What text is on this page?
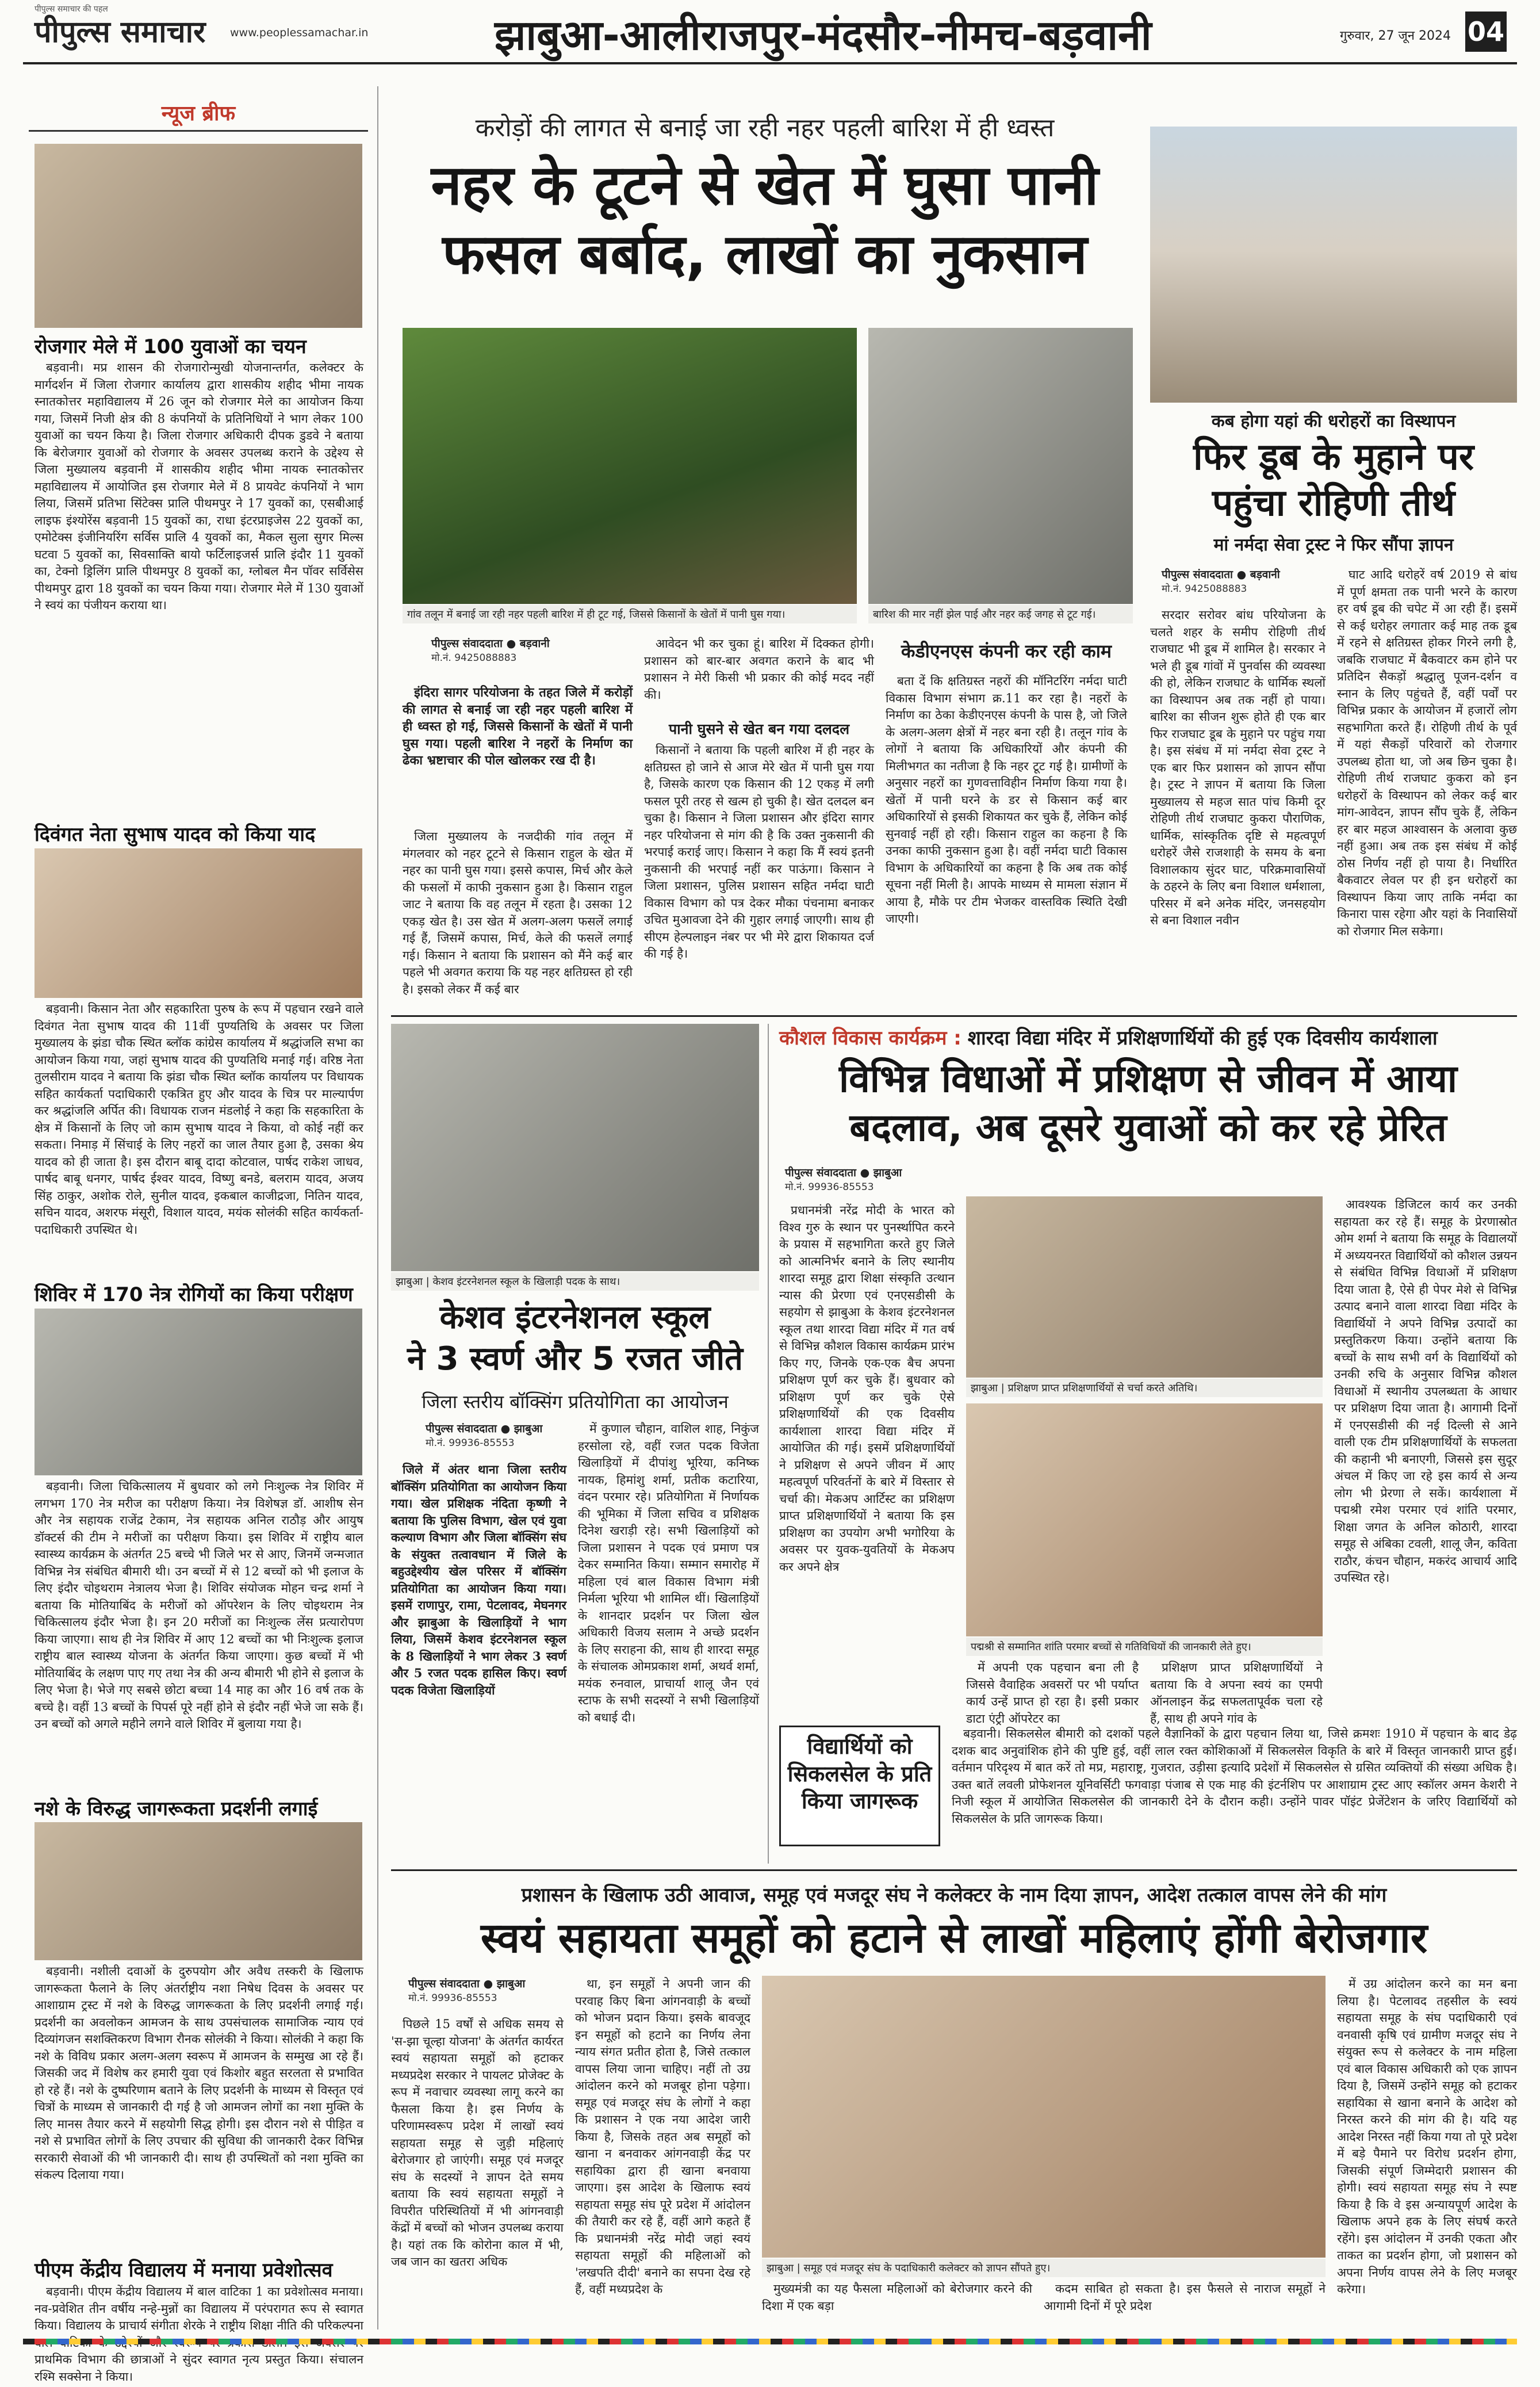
पीपुल्स समाचार
पीपुल्स समाचार की पहल
www.peoplessamachar.in	झाबुआ-आलीराजपुर-मंदसौर-नीमच-बड़वानी	गुरुवार, 27 जून 2024 04
न्यूज ब्रीफ
रोजगार मेले में 100 युवाओं का चयन

बड़वानी। मप्र शासन की रोजगारोन्मुखी योजनान्तर्गत, कलेक्टर के मार्गदर्शन में जिला रोजगार कार्यालय द्वारा शासकीय शहीद भीमा नायक स्नातकोत्तर महाविद्यालय में 26 जून को रोजगार मेले का आयोजन किया गया, जिसमें निजी क्षेत्र की 8 कंपनियों के प्रतिनिधियों ने भाग लेकर 100 युवाओं का चयन किया है। जिला रोजगार अधिकारी दीपक डुडवे ने बताया कि बेरोजगार युवाओं को रोजगार के अवसर उपलब्ध कराने के उद्देश्य से जिला मुख्यालय बड़वानी में शासकीय शहीद भीमा नायक स्नातकोत्तर महाविद्यालय में आयोजित इस रोजगार मेले में 8 प्रायवेट कंपनियों ने भाग लिया, जिसमें प्रतिभा सिंटेक्स प्रालि पीथमपुर ने 17 युवकों का, एसबीआई लाइफ इंश्योरेंस बड़वानी 15 युवकों का, राधा इंटरप्राइजेस 22 युवकों का, एमोटेक्स इंजीनियरिंग सर्विस प्रालि 4 युवकों का, मैकल सुला सुगर मिल्स घटवा 5 युवकों का, सिवसाक्ति बायो फर्टिलाइजर्स प्रालि इंदौर 11 युवकों का, टेक्नो ड्रिलिंग प्रालि पीथमपुर 8 युवकों का, ग्लोबल मैन पॉवर सर्विसेस पीथमपुर द्वारा 18 युवकों का चयन किया गया। रोजगार मेले में 130 युवाओं ने स्वयं का पंजीयन कराया था।

दिवंगत नेता सुभाष यादव को किया याद

बड़वानी। किसान नेता और सहकारिता पुरुष के रूप में पहचान रखने वाले दिवंगत नेता सुभाष यादव की 11वीं पुण्यतिथि के अवसर पर जिला मुख्यालय के झंडा चौक स्थित ब्लॉक कांग्रेस कार्यालय में श्रद्धांजलि सभा का आयोजन किया गया, जहां सुभाष यादव की पुण्यतिथि मनाई गई। वरिष्ठ नेता तुलसीराम यादव ने बताया कि झंडा चौक स्थित ब्लॉक कार्यालय पर विधायक सहित कार्यकर्ता पदाधिकारी एकत्रित हुए और यादव के चित्र पर माल्यार्पण कर श्रद्धांजलि अर्पित की। विधायक राजन मंडलोई ने कहा कि सहकारिता के क्षेत्र में किसानों के लिए जो काम सुभाष यादव ने किया, वो कोई नहीं कर सकता। निमाड़ में सिंचाई के लिए नहरों का जाल तैयार हुआ है, उसका श्रेय यादव को ही जाता है। इस दौरान बाबू दादा कोटवाल, पार्षद राकेश जाधव, पार्षद बाबू धनगर, पार्षद ईश्वर यादव, विष्णु बनडे, बलराम यादव, अजय सिंह ठाकुर, अशोक रोले, सुनील यादव, इकबाल काजीद्रजा, नितिन यादव, सचिन यादव, अशरफ मंसूरी, विशाल यादव, मयंक सोलंकी सहित कार्यकर्ता-पदाधिकारी उपस्थित थे।

शिविर में 170 नेत्र रोगियों का किया परीक्षण

बड़वानी। जिला चिकित्सालय में बुधवार को लगे निःशुल्क नेत्र शिविर में लगभग 170 नेत्र मरीज का परीक्षण किया। नेत्र विशेषज्ञ डॉ. आशीष सेन और नेत्र सहायक राजेंद्र टेकाम, नेत्र सहायक अनिल राठौड़ और आयुष डॉक्टर्स की टीम ने मरीजों का परीक्षण किया। इस शिविर में राष्ट्रीय बाल स्वास्थ्य कार्यक्रम के अंतर्गत 25 बच्चे भी जिले भर से आए, जिनमें जन्मजात विभिन्न नेत्र संबंधित बीमारी थी। उन बच्चों में से 12 बच्चों को भी इलाज के लिए इंदौर चोइथराम नेत्रालय भेजा है। शिविर संयोजक मोहन चन्द्र शर्मा ने बताया कि मोतियाबिंद के मरीजों को ऑपरेशन के लिए चोइथराम नेत्र चिकित्सालय इंदौर भेजा है। इन 20 मरीजों का निःशुल्क लेंस प्रत्यारोपण किया जाएगा। साथ ही नेत्र शिविर में आए 12 बच्चों का भी निःशुल्क इलाज राष्ट्रीय बाल स्वास्थ्य योजना के अंतर्गत किया जाएगा। कुछ बच्चों में भी मोतियाबिंद के लक्षण पाए गए तथा नेत्र की अन्य बीमारी भी होने से इलाज के लिए भेजा है। भेजे गए सबसे छोटा बच्चा 14 माह का और 16 वर्ष तक के बच्चे है। वहीं 13 बच्चों के पिपर्स पूरे नहीं होने से इंदौर नहीं भेजे जा सके हैं। उन बच्चों को अगले महीने लगने वाले शिविर में बुलाया गया है।

नशे के विरुद्ध जागरूकता प्रदर्शनी लगाई

बड़वानी। नशीली दवाओं के दुरुपयोग और अवैध तस्करी के खिलाफ जागरूकता फैलाने के लिए अंतर्राष्ट्रीय नशा निषेध दिवस के अवसर पर आशाग्राम ट्रस्ट में नशे के विरुद्ध जागरूकता के लिए प्रदर्शनी लगाई गई। प्रदर्शनी का अवलोकन आमजन के साथ उपसंचालक सामाजिक न्याय एवं दिव्यांगजन सशक्तिकरण विभाग रौनक सोलंकी ने किया। सोलंकी ने कहा कि नशे के विविध प्रकार अलग-अलग स्वरूप में आमजन के सम्मुख आ रहे हैं। जिसकी जद में विशेष कर हमारी युवा एवं किशोर बहुत सरलता से प्रभावित हो रहे हैं। नशे के दुष्परिणाम बताने के लिए प्रदर्शनी के माध्यम से विस्तृत एवं चित्रों के माध्यम से जानकारी दी गई है जो आमजन लोगों का नशा मुक्ति के लिए मानस तैयार करने में सहयोगी सिद्ध होगी। इस दौरान नशे से पीड़ित व नशे से प्रभावित लोगों के लिए उपचार की सुविधा की जानकारी देकर विभिन्न सरकारी सेवाओं की भी जानकारी दी। साथ ही उपस्थितों को नशा मुक्ति का संकल्प दिलाया गया।

पीएम केंद्रीय विद्यालय में मनाया प्रवेशोत्सव

बड़वानी। पीएम केंद्रीय विद्यालय में बाल वाटिका 1 का प्रवेशोत्सव मनाया। नव-प्रवेशित तीन वर्षीय नन्हे-मुन्नों का विद्यालय में परंपरागत रूप से स्वागत किया। विद्यालय के प्राचार्य संगीता शेरके ने राष्ट्रीय शिक्षा नीति की परिकल्पना प्राथमिक विभाग की छात्राओं ने सुंदर स्वागत नृत्य प्रस्तुत किया। संचालन रश्मि सक्सेना ने किया।

करोड़ों की लागत से बनाई जा रही नहर पहली बारिश में ही ध्वस्त
नहर के टूटने से खेत में घुसा पानी
फसल बर्बाद, लाखों का नुकसान
गांव तलून में बनाई जा रही नहर पहली बारिश में ही टूट गई, जिससे किसानों के खेतों में पानी घुस गया।	बारिश की मार नहीं झेल पाई और नहर कई जगह से टूट गई।
पीपुल्स संवाददाता ● बड़वानी
मो.नं. 9425088883

इंदिरा सागर परियोजना के तहत जिले में करोड़ों की लागत से बनाई जा रही नहर पहली बारिश में ही ध्वस्त हो गई, जिससे किसानों के खेतों में पानी घुस गया। पहली बारिश ने नहरों के निर्माण का ढेका भ्रष्टाचार की पोल खोलकर रख दी है।

जिला मुख्यालय के नजदीकी गांव तलून में मंगलवार को नहर टूटने से किसान राहुल के खेत में नहर का पानी घुस गया। इससे कपास, मिर्च और केले की फसलों में काफी नुकसान हुआ है। किसान राहुल जाट ने बताया कि वह तलून में रहता है। उसका 12 एकड़ खेत है। उस खेत में अलग-अलग फसलें लगाई गई हैं, जिसमें कपास, मिर्च, केले की फसलें लगाई गई। किसान ने बताया कि प्रशासन को मैंने कई बार पहले भी अवगत कराया कि यह नहर क्षतिग्रस्त हो रही है। इसको लेकर मैं कई बार

आवेदन भी कर चुका हूं। बारिश में दिक्कत होगी। प्रशासन को बार-बार अवगत कराने के बाद भी प्रशासन ने मेरी किसी भी प्रकार की कोई मदद नहीं की।

पानी घुसने से खेत बन गया दलदल

किसानों ने बताया कि पहली बारिश में ही नहर के क्षतिग्रस्त हो जाने से आज मेरे खेत में पानी घुस गया है, जिसके कारण एक किसान की 12 एकड़ में लगी फसल पूरी तरह से खत्म हो चुकी है। खेत दलदल बन चुका है। किसान ने जिला प्रशासन और इंदिरा सागर नहर परियोजना से मांग की है कि उक्त नुकसानी की भरपाई कराई जाए। किसान ने कहा कि मैं स्वयं इतनी नुकसानी की भरपाई नहीं कर पाऊंगा। किसान ने जिला प्रशासन, पुलिस प्रशासन सहित नर्मदा घाटी विकास विभाग को पत्र देकर मौका पंचनामा बनाकर उचित मुआवजा देने की गुहार लगाई जाएगी। साथ ही सीएम हेल्पलाइन नंबर पर भी मेरे द्वारा शिकायत दर्ज की गई है।

केडीएनएस कंपनी कर रही काम

बता दें कि क्षतिग्रस्त नहरों की मॉनिटरिंग नर्मदा घाटी विकास विभाग संभाग क्र.11 कर रहा है। नहरों के निर्माण का ठेका केडीएनएस कंपनी के पास है, जो जिले के अलग-अलग क्षेत्रों में नहर बना रही है। तलून गांव के लोगों ने बताया कि अधिकारियों और कंपनी की मिलीभगत का नतीजा है कि नहर टूट गई है। ग्रामीणों के अनुसार नहरों का गुणवत्ताविहीन निर्माण किया गया है। खेतों में पानी घरने के डर से किसान कई बार अधिकारियों से इसकी शिकायत कर चुके हैं, लेकिन कोई सुनवाई नहीं हो रही। किसान राहुल का कहना है कि उनका काफी नुकसान हुआ है। वहीं नर्मदा घाटी विकास विभाग के अधिकारियों का कहना है कि अब तक कोई सूचना नहीं मिली है। आपके माध्यम से मामला संज्ञान में आया है, मौके पर टीम भेजकर वास्तविक स्थिति देखी जाएगी।

कब होगा यहां की धरोहरों का विस्थापन
फिर डूब के मुहाने पर
पहुंचा रोहिणी तीर्थ
मां नर्मदा सेवा ट्रस्ट ने फिर सौंपा ज्ञापन
पीपुल्स संवाददाता ● बड़वानी
मो.नं. 9425088883

सरदार सरोवर बांध परियोजना के चलते शहर के समीप रोहिणी तीर्थ राजघाट भी डूब में शामिल है। सरकार ने भले ही डूब गांवों में पुनर्वास की व्यवस्था की हो, लेकिन राजघाट के धार्मिक स्थलों का विस्थापन अब तक नहीं हो पाया। बारिश का सीजन शुरू होते ही एक बार फिर राजघाट डूब के मुहाने पर पहुंच गया है। इस संबंध में मां नर्मदा सेवा ट्रस्ट ने एक बार फिर प्रशासन को ज्ञापन सौंपा है। ट्रस्ट ने ज्ञापन में बताया कि जिला मुख्यालय से महज सात पांच किमी दूर रोहिणी तीर्थ राजघाट कुकरा पौराणिक, धार्मिक, सांस्कृतिक दृष्टि से महत्वपूर्ण धरोहरें जैसे राजशाही के समय के बना विशालकाय सुंदर घाट, परिक्रमावासियों के ठहरने के लिए बना विशाल धर्मशाला, परिसर में बने अनेक मंदिर, जनसहयोग से बना विशाल नवीन

घाट आदि धरोहरें वर्ष 2019 से बांध में पूर्ण क्षमता तक पानी भरने के कारण हर वर्ष डूब की चपेट में आ रही हैं। इसमें से कई धरोहर लगातार कई माह तक डूब में रहने से क्षतिग्रस्त होकर गिरने लगी है, जबकि राजघाट में बैकवाटर कम होने पर प्रतिदिन सैकड़ों श्रद्धालु पूजन-दर्शन व स्नान के लिए पहुंचते हैं, वहीं पर्वों पर विभिन्न प्रकार के आयोजन में हजारों लोग सहभागिता करते हैं। रोहिणी तीर्थ के पूर्व में यहां सैकड़ों परिवारों को रोजगार उपलब्ध होता था, जो अब छिन चुका है। रोहिणी तीर्थ राजघाट कुकरा को इन धरोहरों के विस्थापन को लेकर कई बार मांग-आवेदन, ज्ञापन सौंप चुके हैं, लेकिन हर बार महज आश्वासन के अलावा कुछ नहीं हुआ। अब तक इस संबंध में कोई ठोस निर्णय नहीं हो पाया है। निर्धारित बैकवाटर लेवल पर ही इन धरोहरों का विस्थापन किया जाए ताकि नर्मदा का किनारा पास रहेगा और यहां के निवासियों को रोजगार मिल सकेगा।

झाबुआ | केशव इंटरनेशनल स्कूल के खिलाड़ी पदक के साथ।
केशव इंटरनेशनल स्कूल
ने 3 स्वर्ण और 5 रजत जीते
जिला स्तरीय बॉक्सिंग प्रतियोगिता का आयोजन
पीपुल्स संवाददाता ● झाबुआ
मो.नं. 99936-85553

जिले में अंतर थाना जिला स्तरीय बॉक्सिंग प्रतियोगिता का आयोजन किया गया। खेल प्रशिक्षक नंदिता कृष्णी ने बताया कि पुलिस विभाग, खेल एवं युवा कल्याण विभाग और जिला बॉक्सिंग संघ के संयुक्त तत्वावधान में जिले के बहुउद्देश्यीय खेल परिसर में बॉक्सिंग प्रतियोगिता का आयोजन किया गया। इसमें राणापुर, रामा, पेटलावद, मेघनगर और झाबुआ के खिलाड़ियों ने भाग लिया, जिसमें केशव इंटरनेशनल स्कूल के 8 खिलाड़ियों ने भाग लेकर 3 स्वर्ण और 5 रजत पदक हासिल किए। स्वर्ण पदक विजेता खिलाड़ियों

में कुणाल चौहान, वाशिल शाह, निकुंज हरसोला रहे, वहीं रजत पदक विजेता खिलाड़ियों में दीपांशु भूरिया, कनिष्क नायक, हिमांशु शर्मा, प्रतीक कटारिया, वंदन परमार रहे। प्रतियोगिता में निर्णायक की भूमिका में जिला सचिव व प्रशिक्षक दिनेश खराड़ी रहे। सभी खिलाड़ियों को जिला प्रशासन ने पदक एवं प्रमाण पत्र देकर सम्मानित किया। सम्मान समारोह में महिला एवं बाल विकास विभाग मंत्री निर्मला भूरिया भी शामिल थीं। खिलाड़ियों के शानदार प्रदर्शन पर जिला खेल अधिकारी विजय सलाम ने अच्छे प्रदर्शन के लिए सराहना की, साथ ही शारदा समूह के संचालक ओमप्रकाश शर्मा, अथर्व शर्मा, मयंक रुनवाल, प्राचार्या शालू जैन एवं स्टाफ के सभी सदस्यों ने सभी खिलाड़ियों को बधाई दी।

कौशल विकास कार्यक्रम : शारदा विद्या मंदिर में प्रशिक्षणार्थियों की हुई एक दिवसीय कार्यशाला
विभिन्न विधाओं में प्रशिक्षण से जीवन में आया
बदलाव, अब दूसरे युवाओं को कर रहे प्रेरित
पीपुल्स संवाददाता ● झाबुआ
मो.नं. 99936-85553

प्रधानमंत्री नरेंद्र मोदी के भारत को विश्व गुरु के स्थान पर पुनर्स्थापित करने के प्रयास में सहभागिता करते हुए जिले को आत्मनिर्भर बनाने के लिए स्थानीय शारदा समूह द्वारा शिक्षा संस्कृति उत्थान न्यास की प्रेरणा एवं एनएसडीसी के सहयोग से झाबुआ के केशव इंटरनेशनल स्कूल तथा शारदा विद्या मंदिर में गत वर्ष से विभिन्न कौशल विकास कार्यक्रम प्रारंभ किए गए, जिनके एक-एक बैच अपना प्रशिक्षण पूर्ण कर चुके हैं। बुधवार को प्रशिक्षण पूर्ण कर चुके ऐसे प्रशिक्षणार्थियों की एक दिवसीय कार्यशाला शारदा विद्या मंदिर में आयोजित की गई। इसमें प्रशिक्षणार्थियों ने प्रशिक्षण से अपने जीवन में आए महत्वपूर्ण परिवर्तनों के बारे में विस्तार से चर्चा की। मेकअप आर्टिस्ट का प्रशिक्षण प्राप्त प्रशिक्षणार्थियों ने बताया कि इस प्रशिक्षण का उपयोग अभी भगोरिया के अवसर पर युवक-युवतियों के मेकअप कर अपने क्षेत्र

झाबुआ | प्रशिक्षण प्राप्त प्रशिक्षणार्थियों से चर्चा करते अतिथि।
पद्मश्री से सम्मानित शांति परमार बच्चों से गतिविधियों की जानकारी लेते हुए।

में अपनी एक पहचान बना ली है जिससे वैवाहिक अवसरों पर भी पर्याप्त कार्य उन्हें प्राप्त हो रहा है। इसी प्रकार डाटा एंट्री ऑपरेटर का

प्रशिक्षण प्राप्त प्रशिक्षणार्थियों ने बताया कि वे अपना स्वयं का एमपी ऑनलाइन केंद्र सफलतापूर्वक चला रहे हैं, साथ ही अपने गांव के

आवश्यक डिजिटल कार्य कर उनकी सहायता कर रहे हैं। समूह के प्रेरणास्रोत ओम शर्मा ने बताया कि समूह के विद्यालयों में अध्ययनरत विद्यार्थियों को कौशल उन्नयन से संबंधित विभिन्न विधाओं में प्रशिक्षण दिया जाता है, ऐसे ही पेपर मेशे से विभिन्न उत्पाद बनाने वाला शारदा विद्या मंदिर के विद्यार्थियों ने अपने विभिन्न उत्पादों का प्रस्तुतिकरण किया। उन्होंने बताया कि बच्चों के साथ सभी वर्ग के विद्यार्थियों को उनकी रुचि के अनुसार विभिन्न कौशल विधाओं में स्थानीय उपलब्धता के आधार पर प्रशिक्षण दिया जाता है। आगामी दिनों में एनएसडीसी की नई दिल्ली से आने वाली एक टीम प्रशिक्षणार्थियों के सफलता की कहानी भी बनाएगी, जिससे इस सुदूर अंचल में किए जा रहे इस कार्य से अन्य लोग भी प्रेरणा ले सकें। कार्यशाला में पद्मश्री रमेश परमार एवं शांति परमार, शिक्षा जगत के अनिल कोठारी, शारदा समूह से अंबिका टवली, शालू जैन, कविता राठौर, कंचन चौहान, मकरंद आचार्य आदि उपस्थित रहे।

विद्यार्थियों को सिकलसेल के प्रति किया जागरूक

बड़वानी। सिकलसेल बीमारी को दशकों पहले वैज्ञानिकों के द्वारा पहचान लिया था, जिसे क्रमशः 1910 में पहचान के बाद डेढ़ दशक बाद अनुवांशिक होने की पुष्टि हुई, वहीं लाल रक्त कोशिकाओं में सिकलसेल विकृति के बारे में विस्तृत जानकारी प्राप्त हुई। वर्तमान परिदृश्य में बात करें तो मप्र, महाराष्ट्र, गुजरात, उड़ीसा इत्यादि प्रदेशों में सिकलसेल से ग्रसित व्यक्तियों की संख्या अधिक है। उक्त बातें लवली प्रोफेशनल यूनिवर्सिटी फगवाड़ा पंजाब से एक माह की इंटर्नशिप पर आशाग्राम ट्रस्ट आए स्कॉलर अमन केशरी ने निजी स्कूल में आयोजित सिकलसेल की जानकारी देने के दौरान कही। उन्होंने पावर पॉइंट प्रेजेंटेशन के जरिए विद्यार्थियों को सिकलसेल के प्रति जागरूक किया।

प्रशासन के खिलाफ उठी आवाज, समूह एवं मजदूर संघ ने कलेक्टर के नाम दिया ज्ञापन, आदेश तत्काल वापस लेने की मांग
स्वयं सहायता समूहों को हटाने से लाखों महिलाएं होंगी बेरोजगार
पीपुल्स संवाददाता ● झाबुआ
मो.नं. 99936-85553

पिछले 15 वर्षों से अधिक समय से 'स-झा चूल्हा योजना' के अंतर्गत कार्यरत स्वयं सहायता समूहों को हटाकर मध्यप्रदेश सरकार ने पायलट प्रोजेक्ट के रूप में नवाचार व्यवस्था लागू करने का फैसला किया है। इस निर्णय के परिणामस्वरूप प्रदेश में लाखों स्वयं सहायता समूह से जुड़ी महिलाएं बेरोजगार हो जाएंगी। समूह एवं मजदूर संघ के सदस्यों ने ज्ञापन देते समय बताया कि स्वयं सहायता समूहों ने विपरीत परिस्थितियों में भी आंगनवाड़ी केंद्रों में बच्चों को भोजन उपलब्ध कराया है। यहां तक कि कोरोना काल में भी, जब जान का खतरा अधिक

था, इन समूहों ने अपनी जान की परवाह किए बिना आंगनवाड़ी के बच्चों को भोजन प्रदान किया। इसके बावजूद इन समूहों को हटाने का निर्णय लेना न्याय संगत प्रतीत होता है, जिसे तत्काल वापस लिया जाना चाहिए। नहीं तो उग्र आंदोलन करने को मजबूर होना पड़ेगा। समूह एवं मजदूर संघ के लोगों ने कहा कि प्रशासन ने एक नया आदेश जारी किया है, जिसके तहत अब समूहों को खाना न बनवाकर आंगनवाड़ी केंद्र पर सहायिका द्वारा ही खाना बनवाया जाएगा। इस आदेश के खिलाफ स्वयं सहायता समूह संघ पूरे प्रदेश में आंदोलन की तैयारी कर रहे हैं, वहीं आगे कहते हैं कि प्रधानमंत्री नरेंद्र मोदी जहां स्वयं सहायता समूहों की महिलाओं को 'लखपति दीदी' बनाने का सपना देख रहे हैं, वहीं मध्यप्रदेश के

झाबुआ | समूह एवं मजदूर संघ के पदाधिकारी कलेक्टर को ज्ञापन सौंपते हुए।

मुख्यमंत्री का यह फैसला महिलाओं को बेरोजगार करने की दिशा में एक बड़ा

कदम साबित हो सकता है। इस फैसले से नाराज समूहों ने आगामी दिनों में पूरे प्रदेश

में उग्र आंदोलन करने का मन बना लिया है। पेटलावद तहसील के स्वयं सहायता समूह के संघ पदाधिकारी एवं वनवासी कृषि एवं ग्रामीण मजदूर संघ ने संयुक्त रूप से कलेक्टर के नाम महिला एवं बाल विकास अधिकारी को एक ज्ञापन दिया है, जिसमें उन्होंने समूह को हटाकर सहायिका से खाना बनाने के आदेश को निरस्त करने की मांग की है। यदि यह आदेश निरस्त नहीं किया गया तो पूरे प्रदेश में बड़े पैमाने पर विरोध प्रदर्शन होगा, जिसकी संपूर्ण जिम्मेदारी प्रशासन की होगी। स्वयं सहायता समूह संघ ने स्पष्ट किया है कि वे इस अन्यायपूर्ण आदेश के खिलाफ अपने हक के लिए संघर्ष करते रहेंगे। इस आंदोलन में उनकी एकता और ताकत का प्रदर्शन होगा, जो प्रशासन को अपना निर्णय वापस लेने के लिए मजबूर करेगा।
